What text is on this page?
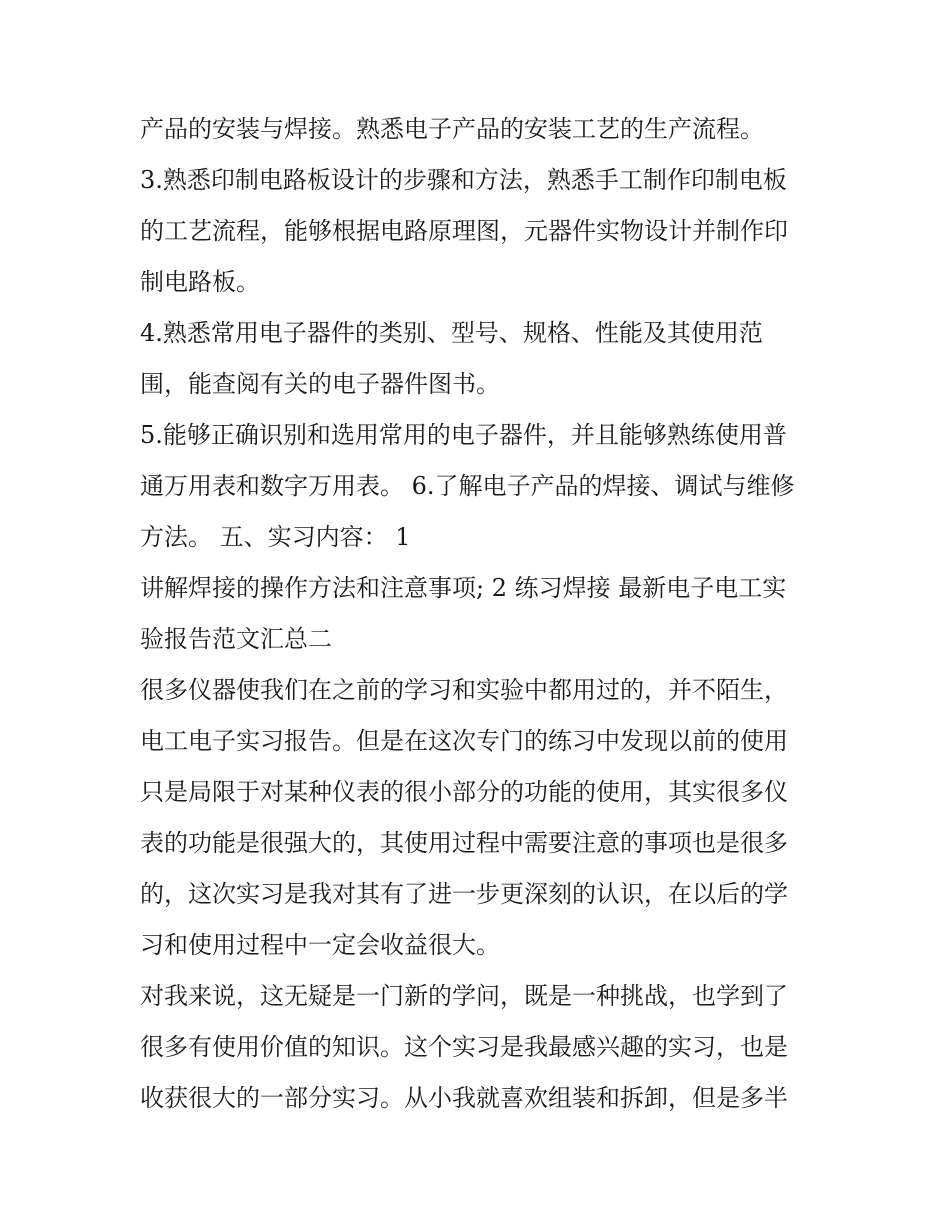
产品的安装与焊接。熟悉电子产品的安装工艺的生产流程。
3.熟悉印制电路板设计的步骤和方法，熟悉手工制作印制电板
的工艺流程，能够根据电路原理图，元器件实物设计并制作印
制电路板。
4.熟悉常用电子器件的类别、型号、规格、性能及其使用范
围，能查阅有关的电子器件图书。
5.能够正确识别和选用常用的电子器件，并且能够熟练使用普
通万用表和数字万用表。 6.了解电子产品的焊接、调试与维修
方法。 五、实习内容： 1
讲解焊接的操作方法和注意事项; 2 练习焊接 最新电子电工实
验报告范文汇总二
很多仪器使我们在之前的学习和实验中都用过的，并不陌生，
电工电子实习报告。但是在这次专门的练习中发现以前的使用
只是局限于对某种仪表的很小部分的功能的使用，其实很多仪
表的功能是很强大的，其使用过程中需要注意的事项也是很多
的，这次实习是我对其有了进一步更深刻的认识，在以后的学
习和使用过程中一定会收益很大。
对我来说，这无疑是一门新的学问，既是一种挑战，也学到了
很多有使用价值的知识。这个实习是我最感兴趣的实习，也是
收获很大的一部分实习。从小我就喜欢组装和拆卸，但是多半
